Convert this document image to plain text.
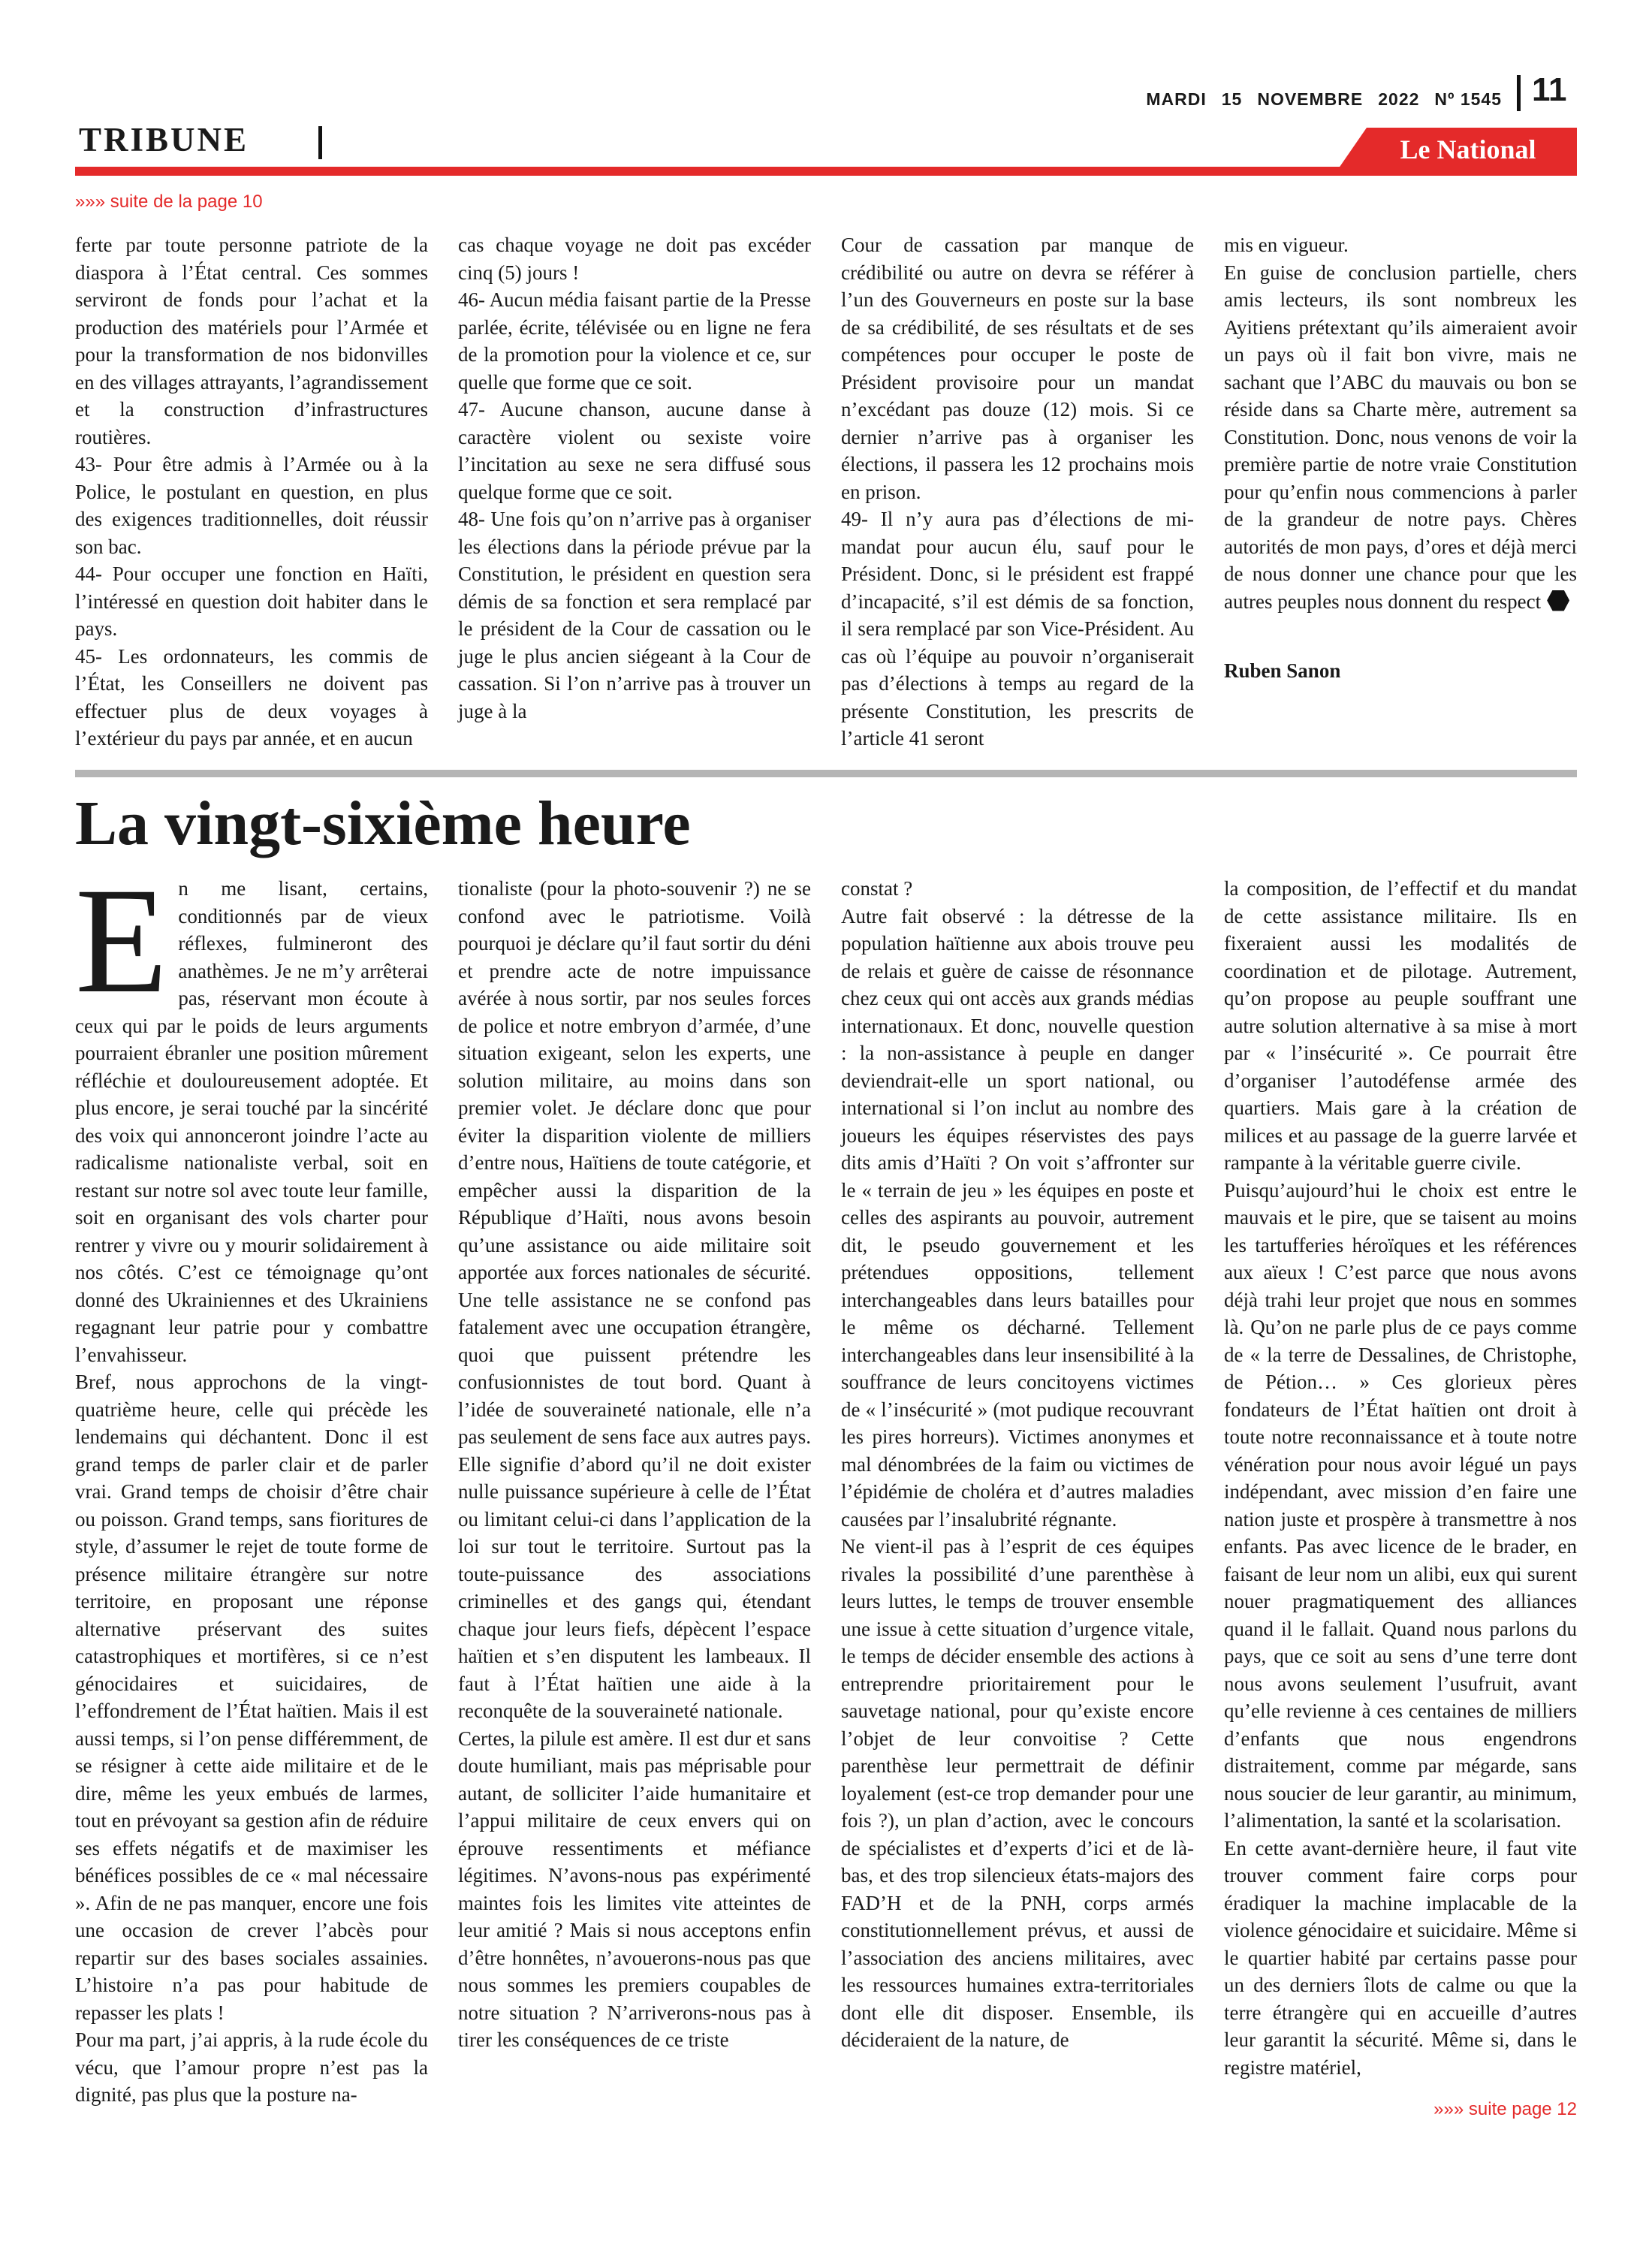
MARDI 15 NOVEMBRE 2022 Nº 1545 11
TRIBUNE	Le National
»»» suite de la page 10

ferte par toute personne patriote de la diaspora à l’État central. Ces sommes serviront de fonds pour l’achat et la production des matériels pour l’Armée et pour la transformation de nos bidonvilles en des villages attrayants, l’agrandissement et la construction d’infrastructures routières.

43- Pour être admis à l’Armée ou à la Police, le postulant en question, en plus des exigences traditionnelles, doit réussir son bac.

44- Pour occuper une fonction en Haïti, l’intéressé en question doit habiter dans le pays.

45- Les ordonnateurs, les commis de l’État, les Conseillers ne doivent pas effectuer plus de deux voyages à l’extérieur du pays par année, et en aucun

cas chaque voyage ne doit pas excéder cinq (5) jours !

46- Aucun média faisant partie de la Presse parlée, écrite, télévisée ou en ligne ne fera de la promotion pour la violence et ce, sur quelle que forme que ce soit.

47- Aucune chanson, aucune danse à caractère violent ou sexiste voire l’incitation au sexe ne sera diffusé sous quelque forme que ce soit.

48- Une fois qu’on n’arrive pas à organiser les élections dans la période prévue par la Constitution, le président en question sera démis de sa fonction et sera remplacé par le président de la Cour de cassation ou le juge le plus ancien siégeant à la Cour de cassation. Si l’on n’arrive pas à trouver un juge à la

Cour de cassation par manque de crédibilité ou autre on devra se référer à l’un des Gouverneurs en poste sur la base de sa crédibilité, de ses résultats et de ses compétences pour occuper le poste de Président provisoire pour un mandat n’excédant pas douze (12) mois. Si ce dernier n’arrive pas à organiser les élections, il passera les 12 prochains mois en prison.

49- Il n’y aura pas d’élections de mi-mandat pour aucun élu, sauf pour le Président. Donc, si le président est frappé d’incapacité, s’il est démis de sa fonction, il sera remplacé par son Vice-Président. Au cas où l’équipe au pouvoir n’organiserait pas d’élections à temps au regard de la présente Constitution, les prescrits de l’article 41 seront

mis en vigueur.

En guise de conclusion partielle, chers amis lecteurs, ils sont nombreux les Ayitiens prétextant qu’ils aimeraient avoir un pays où il fait bon vivre, mais ne sachant que l’ABC du mauvais ou bon se réside dans sa Charte mère, autrement sa Constitution. Donc, nous venons de voir la première partie de notre vraie Constitution pour qu’enfin nous commencions à parler de la grandeur de notre pays. Chères autorités de mon pays, d’ores et déjà merci de nous donner une chance pour que les autres peuples nous donnent du respect

Ruben Sanon

La vingt-sixième heure

En me lisant, certains, conditionnés par de vieux réflexes, fulmineront des anathèmes. Je ne m’y arrêterai pas, réservant mon écoute à ceux qui par le poids de leurs arguments pourraient ébranler une position mûrement réfléchie et douloureusement adoptée. Et plus encore, je serai touché par la sincérité des voix qui annonceront joindre l’acte au radicalisme nationaliste verbal, soit en restant sur notre sol avec toute leur famille, soit en organisant des vols charter pour rentrer y vivre ou y mourir solidairement à nos côtés. C’est ce témoignage qu’ont donné des Ukrainiennes et des Ukrainiens regagnant leur patrie pour y combattre l’envahisseur.

Bref, nous approchons de la vingt-quatrième heure, celle qui précède les lendemains qui déchantent. Donc il est grand temps de parler clair et de parler vrai. Grand temps de choisir d’être chair ou poisson. Grand temps, sans fioritures de style, d’assumer le rejet de toute forme de présence militaire étrangère sur notre territoire, en proposant une réponse alternative préservant des suites catastrophiques et mortifères, si ce n’est génocidaires et suicidaires, de l’effondrement de l’État haïtien. Mais il est aussi temps, si l’on pense différemment, de se résigner à cette aide militaire et de le dire, même les yeux embués de larmes, tout en prévoyant sa gestion afin de réduire ses effets négatifs et de maximiser les bénéfices possibles de ce « mal nécessaire ». Afin de ne pas manquer, encore une fois une occasion de crever l’abcès pour repartir sur des bases sociales assainies. L’histoire n’a pas pour habitude de repasser les plats !

Pour ma part, j’ai appris, à la rude école du vécu, que l’amour propre n’est pas la dignité, pas plus que la posture na-

tionaliste (pour la photo-souvenir ?) ne se confond avec le patriotisme. Voilà pourquoi je déclare qu’il faut sortir du déni et prendre acte de notre impuissance avérée à nous sortir, par nos seules forces de police et notre embryon d’armée, d’une situation exigeant, selon les experts, une solution militaire, au moins dans son premier volet. Je déclare donc que pour éviter la disparition violente de milliers d’entre nous, Haïtiens de toute catégorie, et empêcher aussi la disparition de la République d’Haïti, nous avons besoin qu’une assistance ou aide militaire soit apportée aux forces nationales de sécurité. Une telle assistance ne se confond pas fatalement avec une occupation étrangère, quoi que puissent prétendre les confusionnistes de tout bord. Quant à l’idée de souveraineté nationale, elle n’a pas seulement de sens face aux autres pays. Elle signifie d’abord qu’il ne doit exister nulle puissance supérieure à celle de l’État ou limitant celui-ci dans l’application de la loi sur tout le territoire. Surtout pas la toute-puissance des associations criminelles et des gangs qui, étendant chaque jour leurs fiefs, dépècent l’espace haïtien et s’en disputent les lambeaux. Il faut à l’État haïtien une aide à la reconquête de la souveraineté nationale.

Certes, la pilule est amère. Il est dur et sans doute humiliant, mais pas méprisable pour autant, de solliciter l’aide humanitaire et l’appui militaire de ceux envers qui on éprouve ressentiments et méfiance légitimes. N’avons-nous pas expérimenté maintes fois les limites vite atteintes de leur amitié ? Mais si nous acceptons enfin d’être honnêtes, n’avouerons-nous pas que nous sommes les premiers coupables de notre situation ? N’arriverons-nous pas à tirer les conséquences de ce triste

constat ?

Autre fait observé : la détresse de la population haïtienne aux abois trouve peu de relais et guère de caisse de résonnance chez ceux qui ont accès aux grands médias internationaux. Et donc, nouvelle question : la non-assistance à peuple en danger deviendrait-elle un sport national, ou international si l’on inclut au nombre des joueurs les équipes réservistes des pays dits amis d’Haïti ? On voit s’affronter sur le « terrain de jeu » les équipes en poste et celles des aspirants au pouvoir, autrement dit, le pseudo gouvernement et les prétendues oppositions, tellement interchangeables dans leurs batailles pour le même os décharné. Tellement interchangeables dans leur insensibilité à la souffrance de leurs concitoyens victimes de « l’insécurité » (mot pudique recouvrant les pires horreurs). Victimes anonymes et mal dénombrées de la faim ou victimes de l’épidémie de choléra et d’autres maladies causées par l’insalubrité régnante.

Ne vient-il pas à l’esprit de ces équipes rivales la possibilité d’une parenthèse à leurs luttes, le temps de trouver ensemble une issue à cette situation d’urgence vitale, le temps de décider ensemble des actions à entreprendre prioritairement pour le sauvetage national, pour qu’existe encore l’objet de leur convoitise ? Cette parenthèse leur permettrait de définir loyalement (est-ce trop demander pour une fois ?), un plan d’action, avec le concours de spécialistes et d’experts d’ici et de là-bas, et des trop silencieux états-majors des FAD’H et de la PNH, corps armés constitutionnellement prévus, et aussi de l’association des anciens militaires, avec les ressources humaines extra-territoriales dont elle dit disposer. Ensemble, ils décideraient de la nature, de

la composition, de l’effectif et du mandat de cette assistance militaire. Ils en fixeraient aussi les modalités de coordination et de pilotage. Autrement, qu’on propose au peuple souffrant une autre solution alternative à sa mise à mort par « l’insécurité ». Ce pourrait être d’organiser l’autodéfense armée des quartiers. Mais gare à la création de milices et au passage de la guerre larvée et rampante à la véritable guerre civile.

Puisqu’aujourd’hui le choix est entre le mauvais et le pire, que se taisent au moins les tartufferies héroïques et les références aux aïeux ! C’est parce que nous avons déjà trahi leur projet que nous en sommes là. Qu’on ne parle plus de ce pays comme de « la terre de Dessalines, de Christophe, de Pétion… » Ces glorieux pères fondateurs de l’État haïtien ont droit à toute notre reconnaissance et à toute notre vénération pour nous avoir légué un pays indépendant, avec mission d’en faire une nation juste et prospère à transmettre à nos enfants. Pas avec licence de le brader, en faisant de leur nom un alibi, eux qui surent nouer pragmatiquement des alliances quand il le fallait. Quand nous parlons du pays, que ce soit au sens d’une terre dont nous avons seulement l’usufruit, avant qu’elle revienne à ces centaines de milliers d’enfants que nous engendrons distraitement, comme par mégarde, sans nous soucier de leur garantir, au minimum, l’alimentation, la santé et la scolarisation.

En cette avant-dernière heure, il faut vite trouver comment faire corps pour éradiquer la machine implacable de la violence génocidaire et suicidaire. Même si le quartier habité par certains passe pour un des derniers îlots de calme ou que la terre étrangère qui en accueille d’autres leur garantit la sécurité. Même si, dans le registre matériel,

»»» suite page 12
